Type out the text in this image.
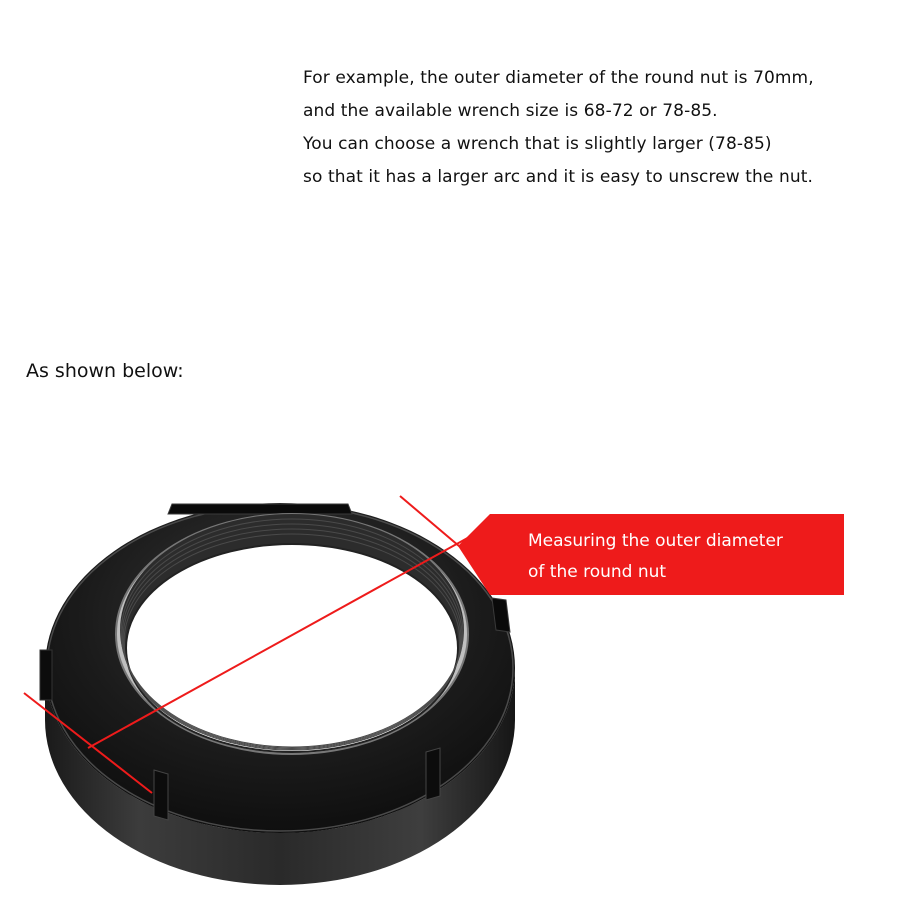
For example, the outer diameter of the round nut is 70mm,
and the available wrench size is 68-72 or 78-85.
You can choose a wrench that is slightly larger (78-85)
so that it has a larger arc and it is easy to unscrew the nut.
As shown below:
Measuring the outer diameter
of the round nut
